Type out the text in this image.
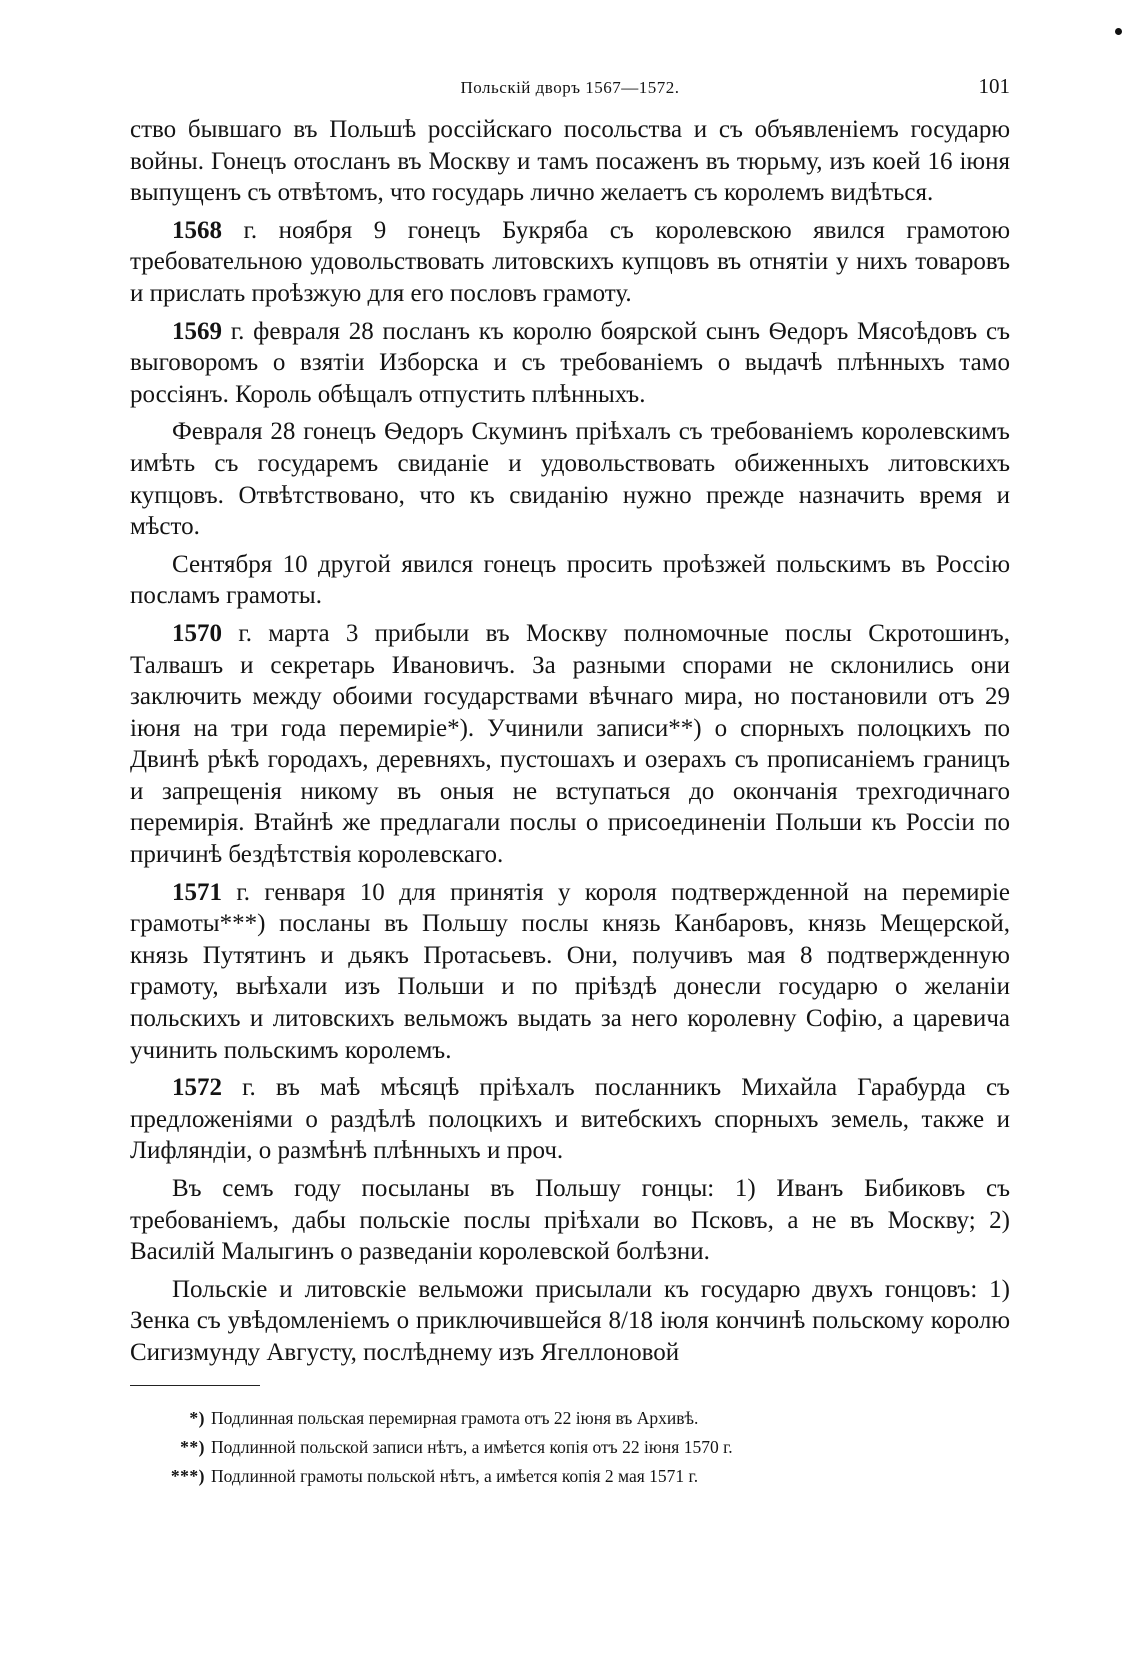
Польскій дворъ 1567—1572.	101

ство бывшаго въ Польшѣ россійскаго посольства и съ объявленіемъ государю войны. Гонецъ отосланъ въ Москву и тамъ посаженъ въ тюрьму, изъ коей 16 іюня выпущенъ съ отвѣтомъ, что государь лично желаетъ съ королемъ видѣться.

1568 г. ноября 9 гонецъ Букряба съ королевскою явился грамотою требовательною удовольствовать литовскихъ купцовъ въ отнятіи у нихъ товаровъ и прислать проѣзжую для его пословъ грамоту.

1569 г. февраля 28 посланъ къ королю боярской сынъ Ѳедоръ Мясоѣдовъ съ выговоромъ о взятіи Изборска и съ требованіемъ о выдачѣ плѣнныхъ тамо россіянъ. Король обѣщалъ отпустить плѣнныхъ.

Февраля 28 гонецъ Ѳедоръ Скуминъ пріѣхалъ съ требованіемъ королевскимъ имѣть съ государемъ свиданіе и удовольствовать обиженныхъ литовскихъ купцовъ. Отвѣтствовано, что къ свиданію нужно прежде назначить время и мѣсто.

Сентября 10 другой явился гонецъ просить проѣзжей польскимъ въ Россію посламъ грамоты.

1570 г. марта 3 прибыли въ Москву полномочные послы Скротошинъ, Талвашъ и секретарь Ивановичъ. За разными спорами не склонились они заключить между обоими государствами вѣчнаго мира, но постановили отъ 29 іюня на три года перемиріе*). Учинили записи**) о спорныхъ полоцкихъ по Двинѣ рѣкѣ городахъ, деревняхъ, пустошахъ и озерахъ съ прописаніемъ границъ и запрещенія никому въ оныя не вступаться до окончанія трехгодичнаго перемирія. Втайнѣ же предлагали послы о присоединеніи Польши къ Россіи по причинѣ бездѣтствія королевскаго.

1571 г. генваря 10 для принятія у короля подтвержденной на перемиріе грамоты***) посланы въ Польшу послы князь Канбаровъ, князь Мещерской, князь Путятинъ и дьякъ Протасьевъ. Они, получивъ мая 8 подтвержденную грамоту, выѣхали изъ Польши и по пріѣздѣ донесли государю о желаніи польскихъ и литовскихъ вельможъ выдать за него королевну Софію, а царевича учинить польскимъ королемъ.

1572 г. въ маѣ мѣсяцѣ пріѣхалъ посланникъ Михайла Гарабурда съ предложеніями о раздѣлѣ полоцкихъ и витебскихъ спорныхъ земель, также и Лифляндіи, о размѣнѣ плѣнныхъ и проч.

Въ семъ году посыланы въ Польшу гонцы: 1) Иванъ Бибиковъ съ требованіемъ, дабы польскіе послы пріѣхали во Псковъ, а не въ Москву; 2) Василій Малыгинъ о разведаніи королевской болѣзни.

Польскіе и литовскіе вельможи присылали къ государю двухъ гонцовъ: 1) Зенка съ увѣдомленіемъ о приключившейся 8/18 іюля кончинѣ польскому королю Сигизмунду Августу, послѣднему изъ Ягеллоновой

*) Подлинная польская перемирная грамота отъ 22 іюня въ Архивѣ.
**) Подлинной польской записи нѣтъ, а имѣется копія отъ 22 іюня 1570 г.
***) Подлинной грамоты польской нѣтъ, а имѣется копія 2 мая 1571 г.
